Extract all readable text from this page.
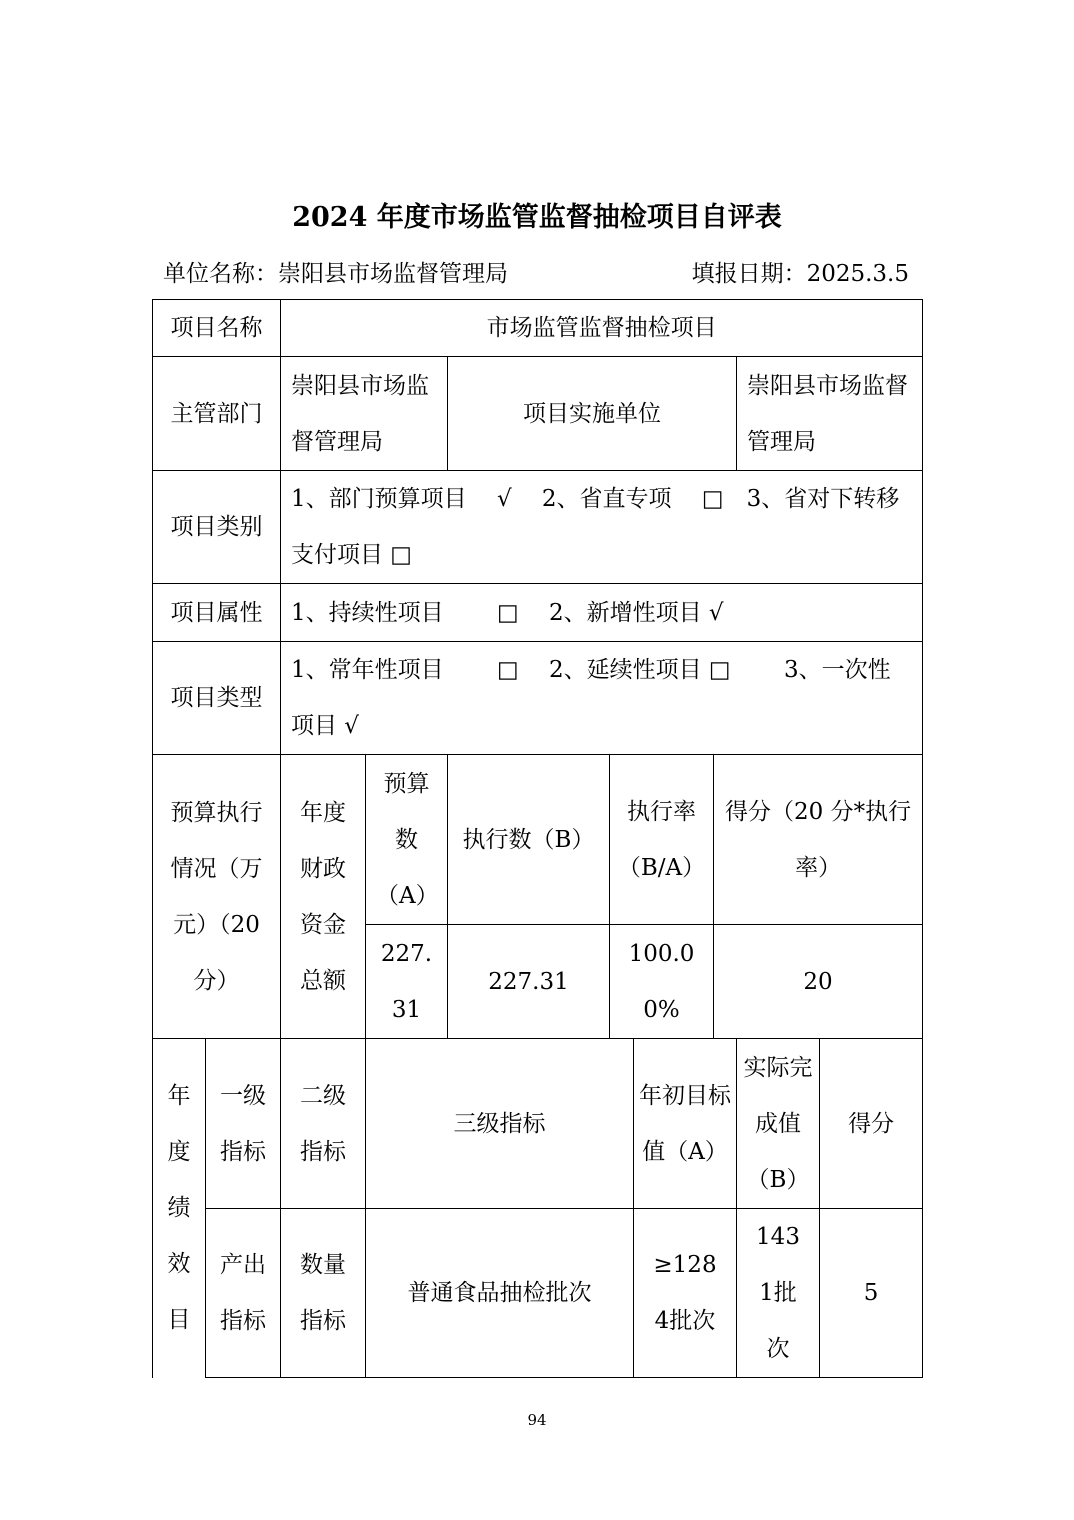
2024 年度市场监管监督抽检项目自评表
单位名称：崇阳县市场监督管理局	填报日期：2025.3.5
项目名称		市场监管监督抽检项目							
主管部门		崇阳县市场监督管理局		项目实施单位				崇阳县市场监督管理局	
项目类别		1、部门预算项目　 √　 2、省直专项　 □　3、省对下转移支付项目 □							
项目属性		1、持续性项目　　 □　 2、新增性项目 √							
项目类型		1、常年性项目　　 □　 2、延续性项目 □　　 3、一次性项目 √							
预算执行情况（万元）（20分）		年度财政资金总额	预算数（A）	执行数（B）	执行率（B/A）		得分（20 分*执行率）		
			227.31	227.31	100.00%		20		
年度绩效目	一级指标	二级指标	三级指标			年初目标值（A）		实际完成值（B）	得分
	产出指标	数量指标	普通食品抽检批次			≥1284批次		1431批次	5
94
